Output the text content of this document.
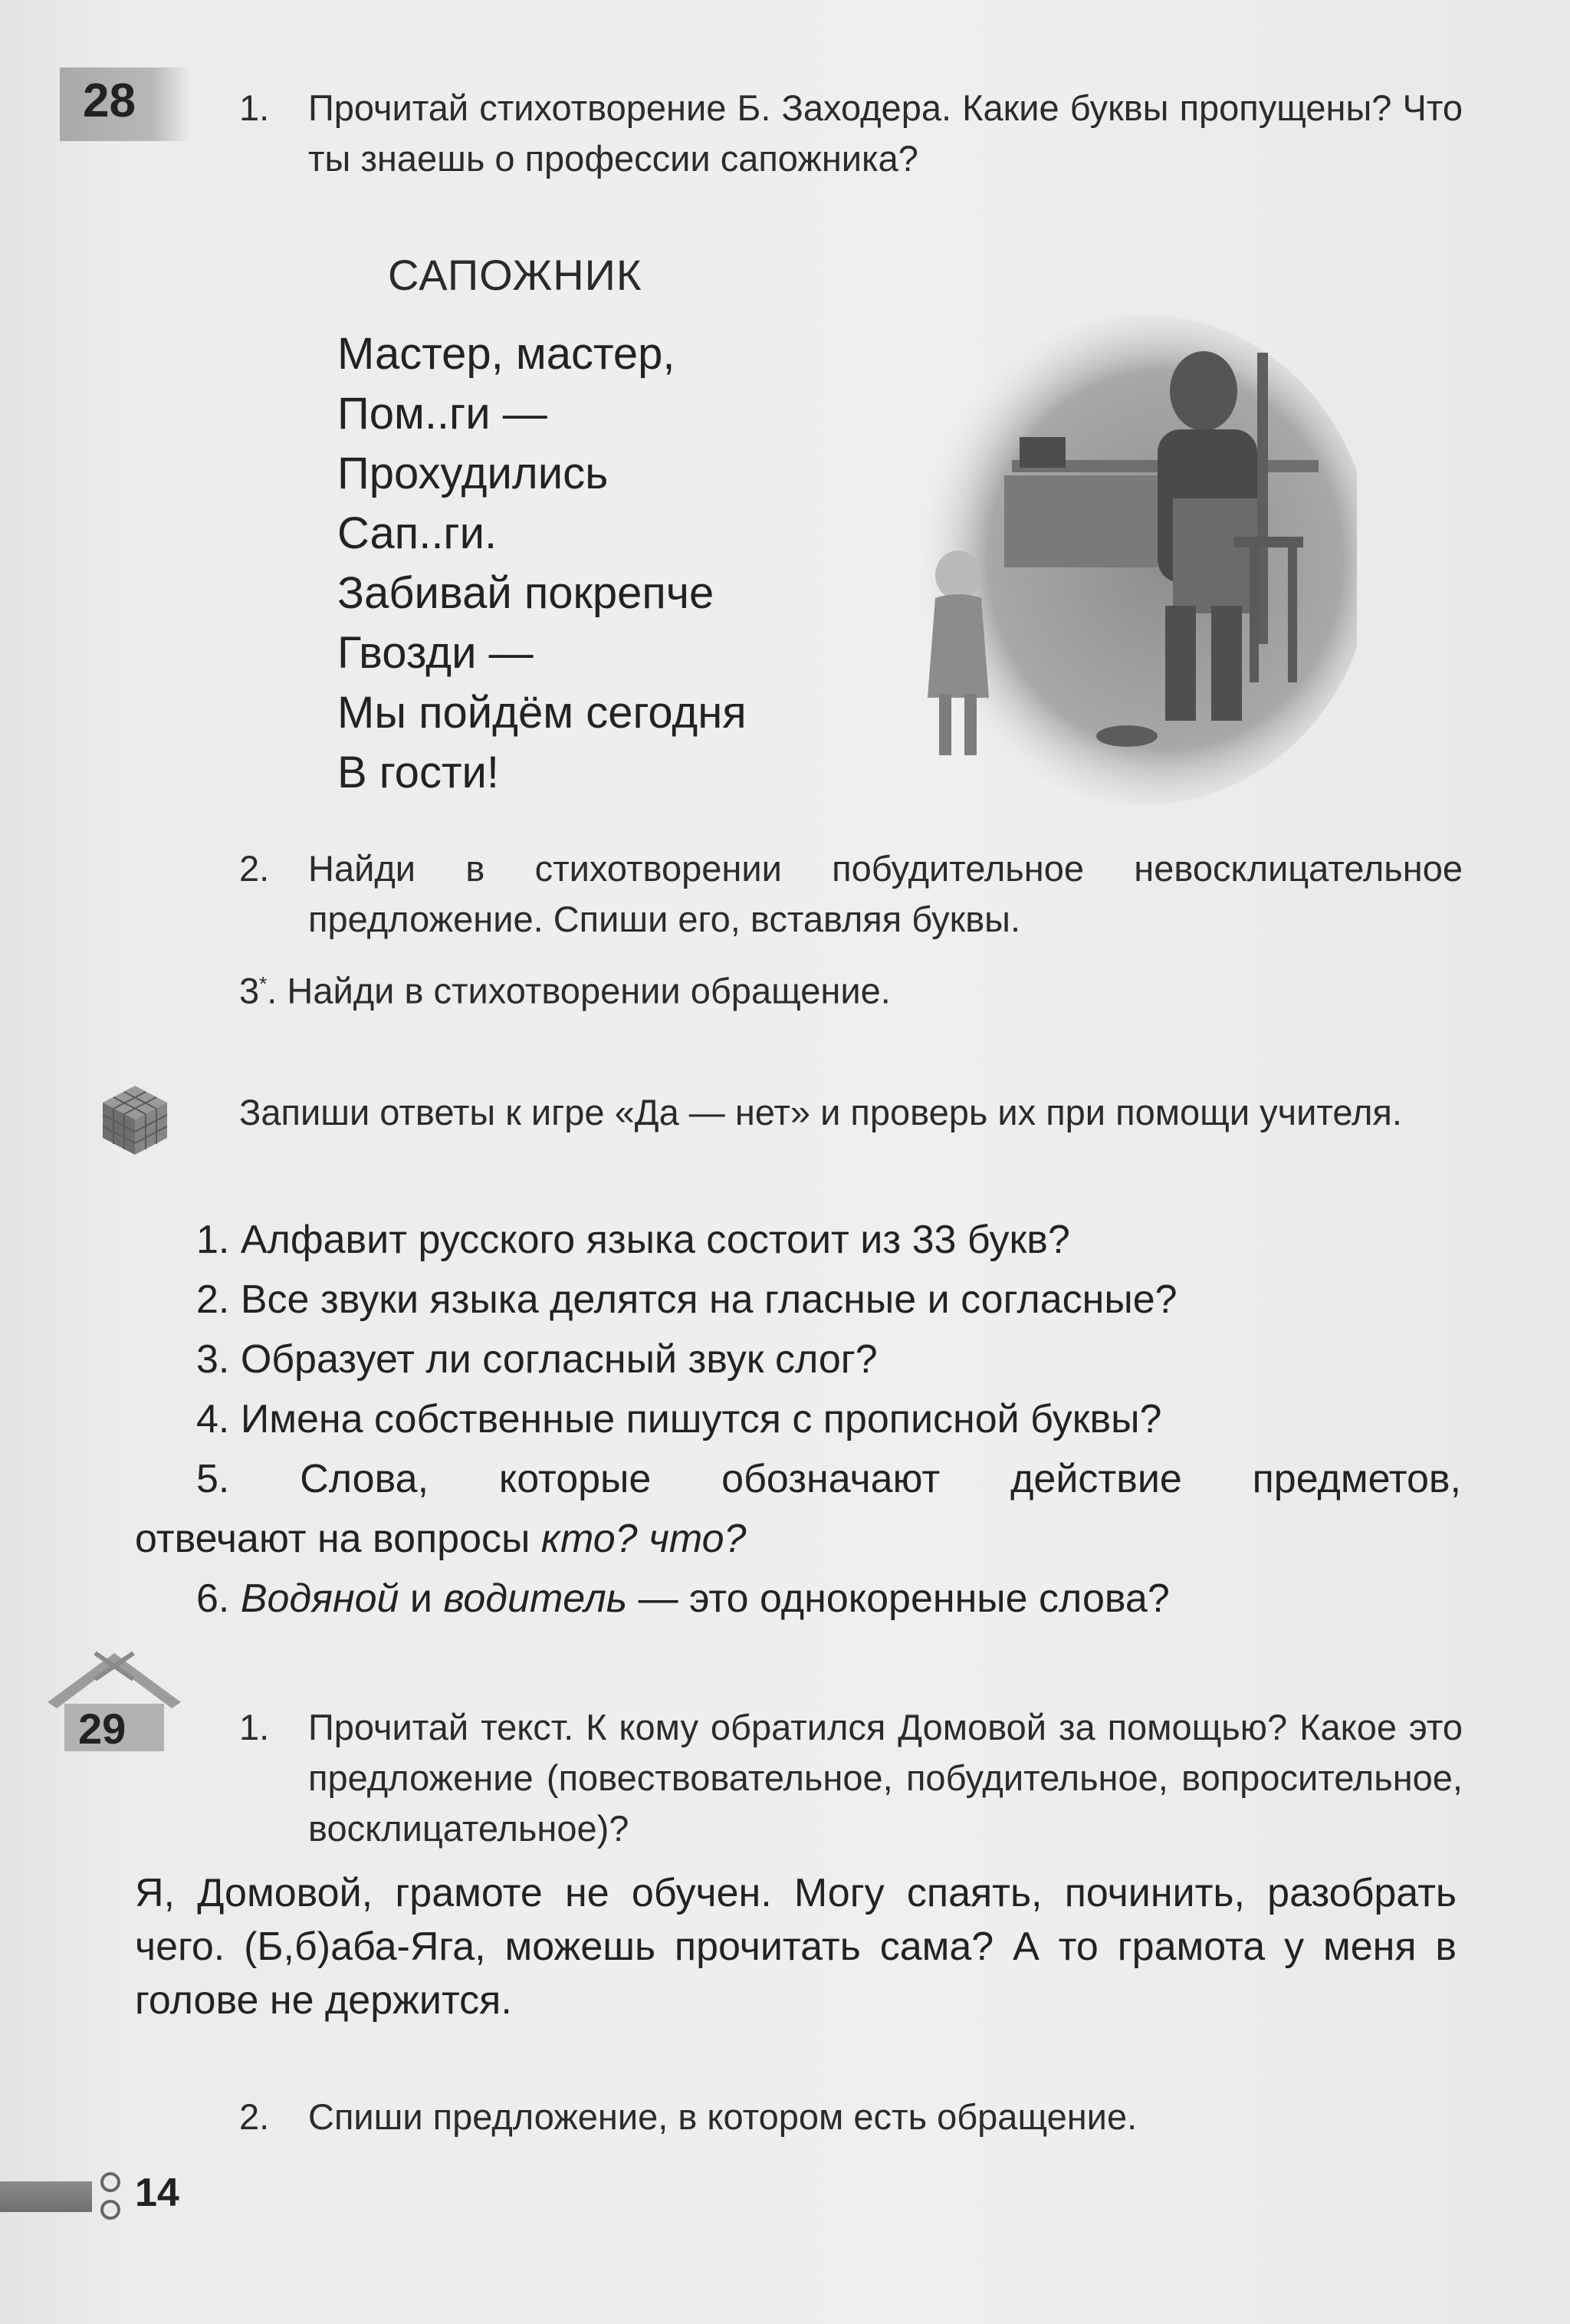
28	1. Прочитай стихотворение Б. Заходера. Какие буквы пропущены? Что ты знаешь о профессии сапожника?
САПОЖНИК
Мастер, мастер,
Пом..ги —
Прохудились
Сап..ги.
Забивай покрепче
Гвозди —
Мы пойдём сегодня
В гости!
2. Найди в стихотворении побудительное невосклицательное предложение. Спиши его, вставляя буквы.
3*. Найди в стихотворении обращение.
Запиши ответы к игре «Да — нет» и проверь их при помощи учителя.
1. Алфавит русского языка состоит из 33 букв?
2. Все звуки языка делятся на гласные и согласные?
3. Образует ли согласный звук слог?
4. Имена собственные пишутся с прописной буквы?
5. Слова, которые обозначают действие предметов,
отвечают на вопросы кто? что?
6. Водяной и водитель — это однокоренные слова?
29	1. Прочитай текст. К кому обратился Домовой за помощью? Какое это предложение (повествовательное, побудительное, вопросительное, восклицательное)?
Я, Домовой, грамоте не обучен. Могу спаять, починить, разобрать чего. (Б,б)аба-Яга, можешь прочитать сама? А то грамота у меня в голове не держится.
2. Спиши предложение, в котором есть обращение.
14
